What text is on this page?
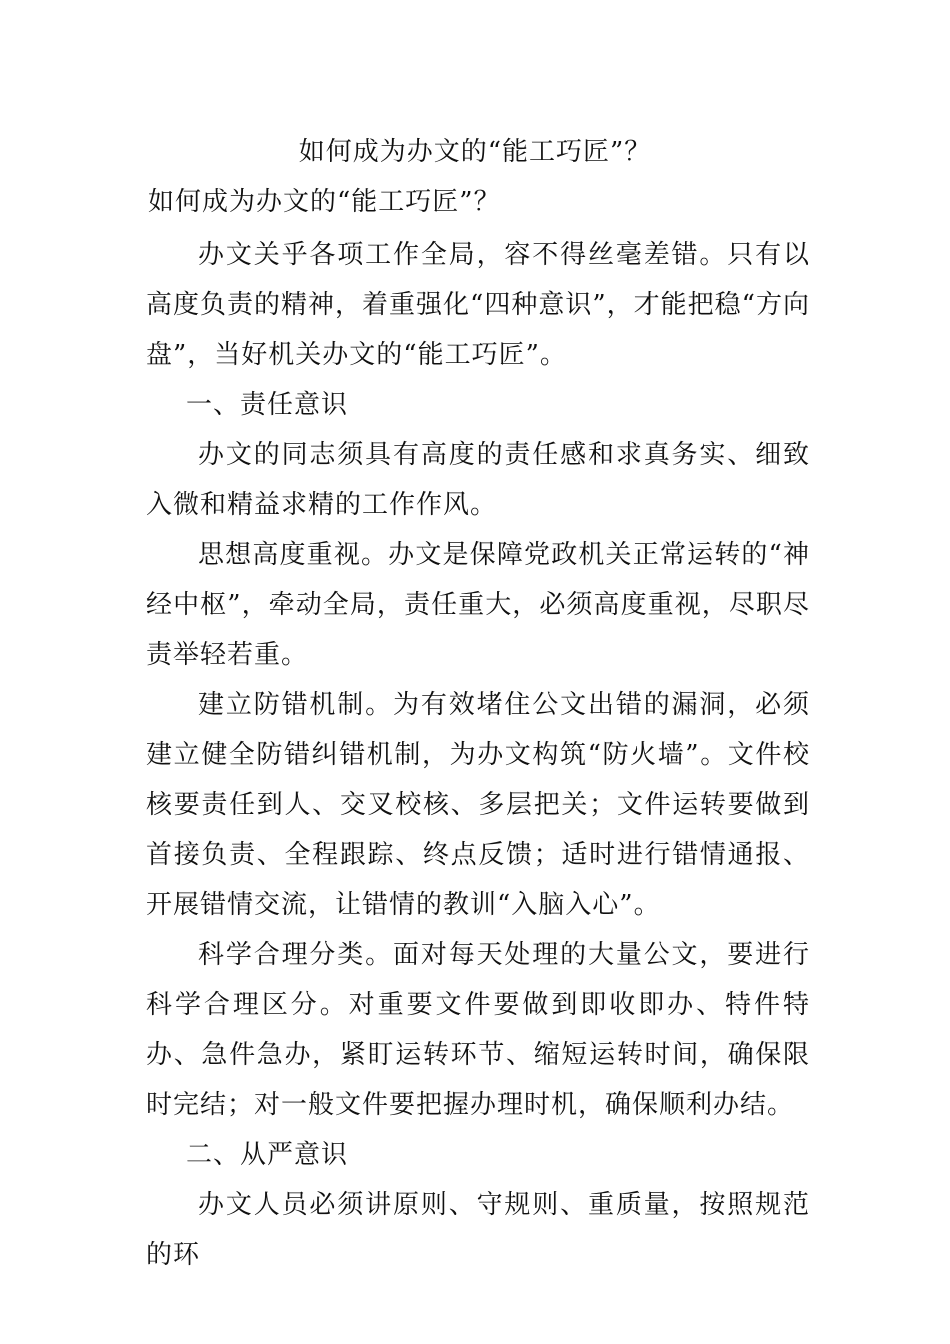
如何成为办文的“能工巧匠”？
如何成为办文的“能工巧匠”？

办文关乎各项工作全局，容不得丝毫差错。只有以高度负责的精神，着重强化“四种意识”，才能把稳“方向盘”，当好机关办文的“能工巧匠”。

一、责任意识

办文的同志须具有高度的责任感和求真务实、细致入微和精益求精的工作作风。

思想高度重视。办文是保障党政机关正常运转的“神经中枢”，牵动全局，责任重大，必须高度重视，尽职尽责举轻若重。

建立防错机制。为有效堵住公文出错的漏洞，必须建立健全防错纠错机制，为办文构筑“防火墙”。文件校核要责任到人、交叉校核、多层把关；文件运转要做到首接负责、全程跟踪、终点反馈；适时进行错情通报、开展错情交流，让错情的教训“入脑入心”。

科学合理分类。面对每天处理的大量公文，要进行科学合理区分。对重要文件要做到即收即办、特件特办、急件急办，紧盯运转环节、缩短运转时间，确保限时完结；对一般文件要把握办理时机，确保顺利办结。

二、从严意识

办文人员必须讲原则、守规则、重质量，按照规范的环
